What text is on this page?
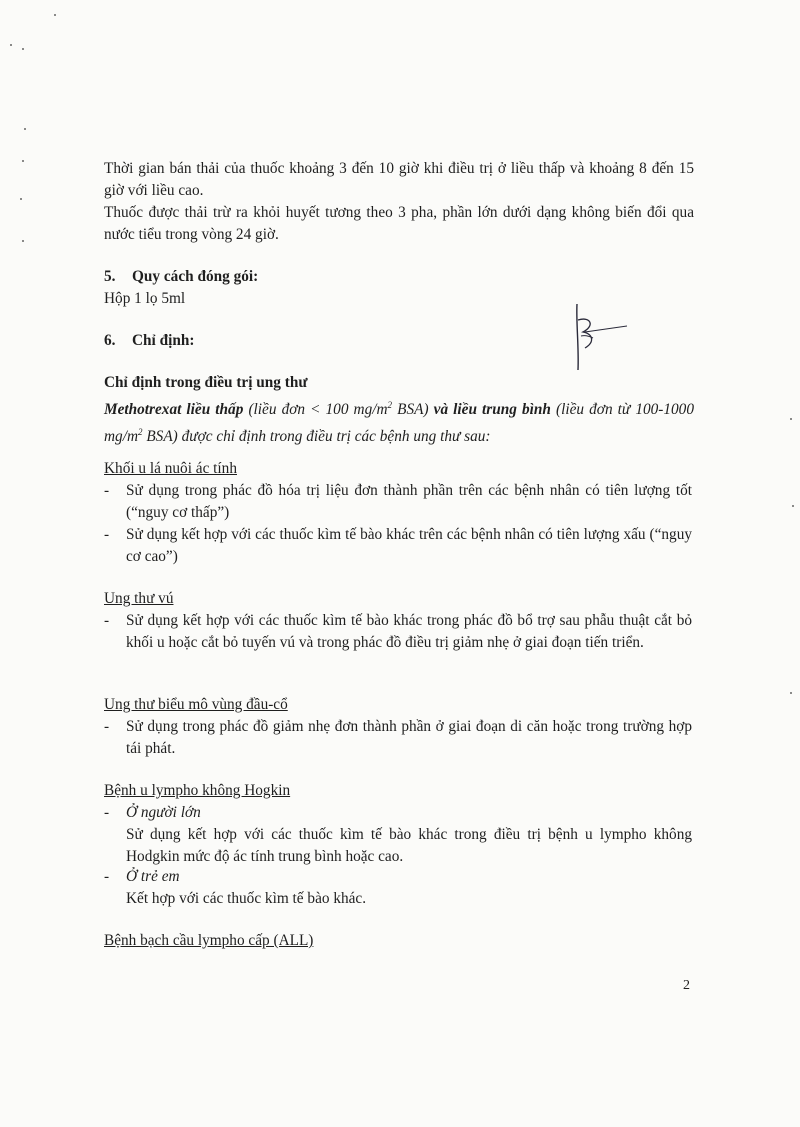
Thời gian bán thải của thuốc khoảng 3 đến 10 giờ khi điều trị ở liều thấp và khoảng 8 đến 15 giờ với liều cao.

Thuốc được thải trừ ra khỏi huyết tương theo 3 pha, phần lớn dưới dạng không biến đổi qua nước tiểu trong vòng 24 giờ.

5. Quy cách đóng gói:
Hộp 1 lọ 5ml
6. Chỉ định:
Chỉ định trong điều trị ung thư

Methotrexat liều thấp (liều đơn < 100 $mg/m^2$ BSA) và liều trung bình (liều đơn từ 100-1000 $mg/m^2$ BSA) được chỉ định trong điều trị các bệnh ung thư sau:

Khối u lá nuôi ác tính
-	Sử dụng trong phác đồ hóa trị liệu đơn thành phần trên các bệnh nhân có tiên lượng tốt (“nguy cơ thấp”)
-	Sử dụng kết hợp với các thuốc kìm tế bào khác trên các bệnh nhân có tiên lượng xấu (“nguy cơ cao”)
Ung thư vú
-	Sử dụng kết hợp với các thuốc kìm tế bào khác trong phác đồ bổ trợ sau phẫu thuật cắt bỏ khối u hoặc cắt bỏ tuyến vú và trong phác đồ điều trị giảm nhẹ ở giai đoạn tiến triển.
Ung thư biểu mô vùng đầu-cổ
-	Sử dụng trong phác đồ giảm nhẹ đơn thành phần ở giai đoạn di căn hoặc trong trường hợp tái phát.
Bệnh u lympho không Hogkin
-	Ở người lớn
Sử dụng kết hợp với các thuốc kìm tế bào khác trong điều trị bệnh u lympho không Hodgkin mức độ ác tính trung bình hoặc cao.
-	Ở trẻ em
Kết hợp với các thuốc kìm tế bào khác.
Bệnh bạch cầu lympho cấp (ALL)
2
